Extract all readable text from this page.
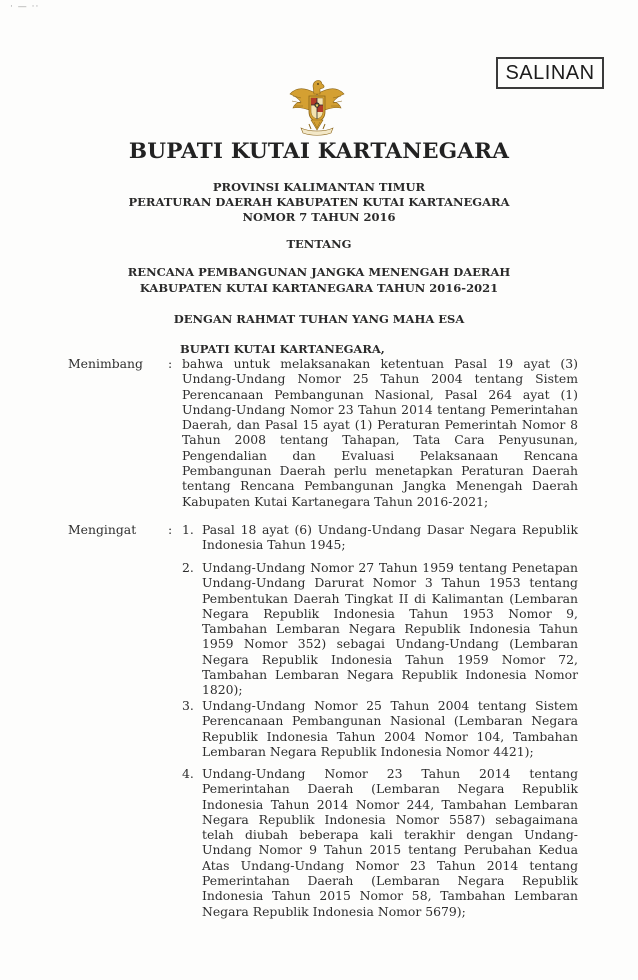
· — ··
SALINAN
BUPATI KUTAI KARTANEGARA
PROVINSI KALIMANTAN TIMUR
PERATURAN DAERAH KABUPATEN KUTAI KARTANEGARA
NOMOR 7 TAHUN 2016
TENTANG
RENCANA PEMBANGUNAN JANGKA MENENGAH DAERAH
KABUPATEN KUTAI KARTANEGARA TAHUN 2016-2021
DENGAN RAHMAT TUHAN YANG MAHA ESA
BUPATI KUTAI KARTANEGARA,
Menimbang : bahwa untuk melaksanakan ketentuan Pasal 19 ayat (3) Undang-Undang Nomor 25 Tahun 2004 tentang Sistem Perencanaan Pembangunan Nasional, Pasal 264 ayat (1) Undang-Undang Nomor 23 Tahun 2014 tentang Pemerintahan Daerah, dan Pasal 15 ayat (1) Peraturan Pemerintah Nomor 8 Tahun 2008 tentang Tahapan, Tata Cara Penyusunan, Pengendalian dan Evaluasi Pelaksanaan Rencana Pembangunan Daerah perlu menetapkan Peraturan Daerah tentang Rencana Pembangunan Jangka Menengah Daerah Kabupaten Kutai Kartanegara Tahun 2016-2021;
Mengingat	: 1. Pasal 18 ayat (6) Undang-Undang Dasar Negara Republik Indonesia Tahun 1945;
2. Undang-Undang Nomor 27 Tahun 1959 tentang Penetapan Undang-Undang Darurat Nomor 3 Tahun 1953 tentang Pembentukan Daerah Tingkat II di Kalimantan (Lembaran Negara Republik Indonesia Tahun 1953 Nomor 9, Tambahan Lembaran Negara Republik Indonesia Tahun 1959 Nomor 352) sebagai Undang-Undang (Lembaran Negara Republik Indonesia Tahun 1959 Nomor 72, Tambahan Lembaran Negara Republik Indonesia Nomor 1820);
3. Undang-Undang Nomor 25 Tahun 2004 tentang Sistem Perencanaan Pembangunan Nasional (Lembaran Negara Republik Indonesia Tahun 2004 Nomor 104, Tambahan Lembaran Negara Republik Indonesia Nomor 4421);
4. Undang-Undang Nomor 23 Tahun 2014 tentang Pemerintahan Daerah (Lembaran Negara Republik Indonesia Tahun 2014 Nomor 244, Tambahan Lembaran Negara Republik Indonesia Nomor 5587) sebagaimana telah diubah beberapa kali terakhir dengan Undang-Undang Nomor 9 Tahun 2015 tentang Perubahan Kedua Atas Undang-Undang Nomor 23 Tahun 2014 tentang Pemerintahan Daerah (Lembaran Negara Republik Indonesia Tahun 2015 Nomor 58, Tambahan Lembaran Negara Republik Indonesia Nomor 5679);
